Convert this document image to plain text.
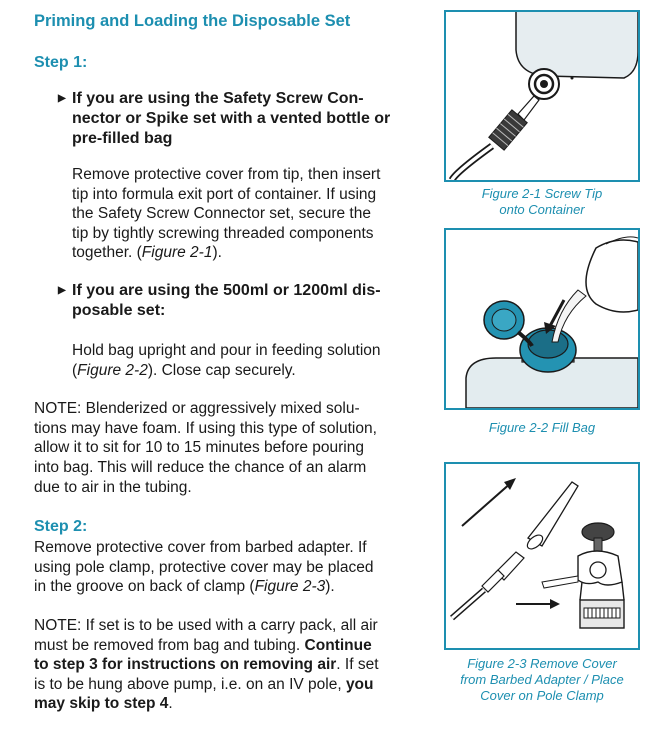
Priming and Loading the Disposable Set
Step 1:
▶ If you are using the Safety Screw Con-
nector or Spike set with a vented bottle or
pre-filled bag
Remove protective cover from tip, then insert
tip into formula exit port of container. If using
the Safety Screw Connector set, secure the
tip by tightly screwing threaded components
together. (Figure 2-1).
▶ If you are using the 500ml or 1200ml dis-
posable set:
Hold bag upright and pour in feeding solution
(Figure 2-2). Close cap securely.
NOTE: Blenderized or aggressively mixed solu-
tions may have foam. If using this type of solution,
allow it to sit for 10 to 15 minutes before pouring
into bag. This will reduce the chance of an alarm
due to air in the tubing.
Step 2:
Remove protective cover from barbed adapter. If
using pole clamp, protective cover may be placed
in the groove on back of clamp (Figure 2-3).
NOTE: If set is to be used with a carry pack, all air
must be removed from bag and tubing. Continue
to step 3 for instructions on removing air. If set
is to be hung above pump, i.e. on an IV pole, you
may skip to step 4.
Figure 2-1 Screw Tip
onto Container
Figure 2-2 Fill Bag
Figure 2-3 Remove Cover
from Barbed Adapter / Place
Cover on Pole Clamp
